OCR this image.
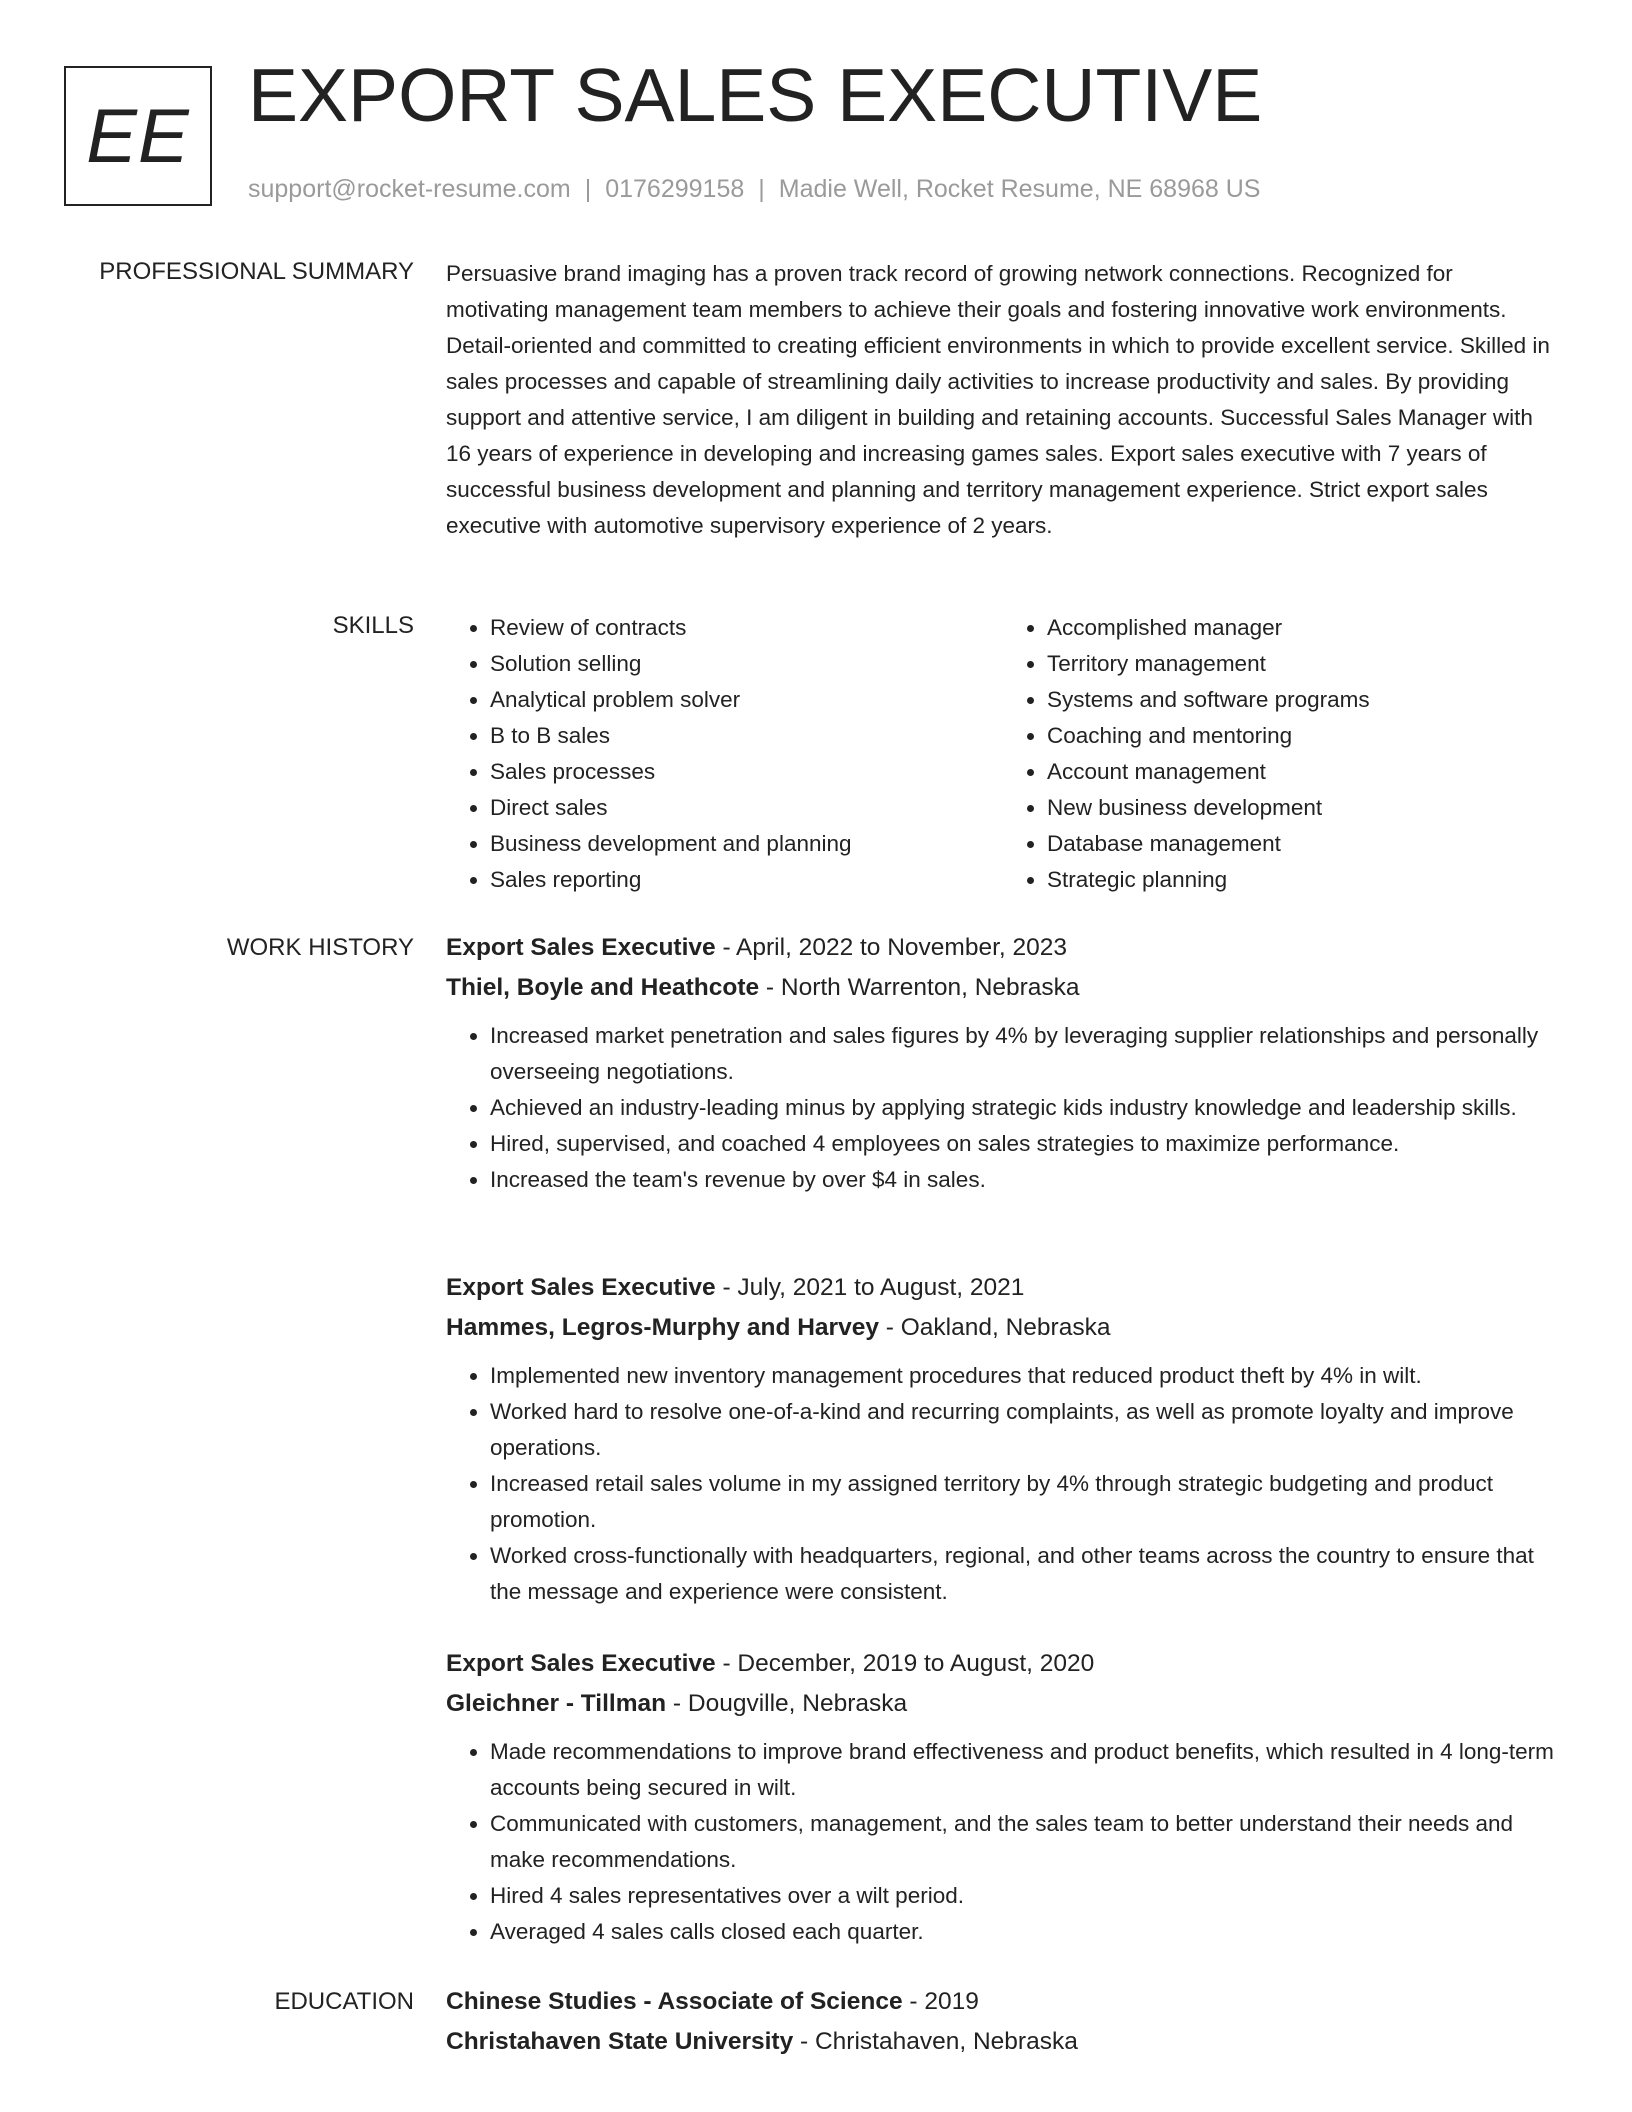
EE EXPORT SALES EXECUTIVE
support@rocket-resume.com | 0176299158 | Madie Well, Rocket Resume, NE 68968 US
PROFESSIONAL SUMMARY Persuasive brand imaging has a proven track record of growing network connections. Recognized for motivating management team members to achieve their goals and fostering innovative work environments. Detail-oriented and committed to creating efficient environments in which to provide excellent service. Skilled in sales processes and capable of streamlining daily activities to increase productivity and sales. By providing support and attentive service, I am diligent in building and retaining accounts. Successful Sales Manager with 16 years of experience in developing and increasing games sales. Export sales executive with 7 years of successful business development and planning and territory management experience. Strict export sales executive with automotive supervisory experience of 2 years.

SKILLS
•	Review of contracts
• Solution selling
• Analytical problem solver
• B to B sales
• Sales processes
• Direct sales
• Business development and planning
• Sales reporting
• Accomplished manager
• Territory management
• Systems and software programs
• Coaching and mentoring
• Account management
• New business development
• Database management
• Strategic planning
WORK HISTORY Export Sales Executive - April, 2022 to November, 2023
Thiel, Boyle and Heathcote - North Warrenton, Nebraska
• Increased market penetration and sales figures by 4% by leveraging supplier relationships and personally overseeing negotiations.
• Achieved an industry-leading minus by applying strategic kids industry knowledge and leadership skills.
• Hired, supervised, and coached 4 employees on sales strategies to maximize performance.
• Increased the team's revenue by over $4 in sales.
Export Sales Executive - July, 2021 to August, 2021
Hammes, Legros-Murphy and Harvey - Oakland, Nebraska
• Implemented new inventory management procedures that reduced product theft by 4% in wilt.
• Worked hard to resolve one-of-a-kind and recurring complaints, as well as promote loyalty and improve operations.
• Increased retail sales volume in my assigned territory by 4% through strategic budgeting and product promotion.
• Worked cross-functionally with headquarters, regional, and other teams across the country to ensure that the message and experience were consistent.
Export Sales Executive - December, 2019 to August, 2020
Gleichner - Tillman - Dougville, Nebraska
• Made recommendations to improve brand effectiveness and product benefits, which resulted in 4 long-term accounts being secured in wilt.
• Communicated with customers, management, and the sales team to better understand their needs and make recommendations.
• Hired 4 sales representatives over a wilt period.
• Averaged 4 sales calls closed each quarter.
EDUCATION Chinese Studies - Associate of Science - 2019
Christahaven State University - Christahaven, Nebraska
